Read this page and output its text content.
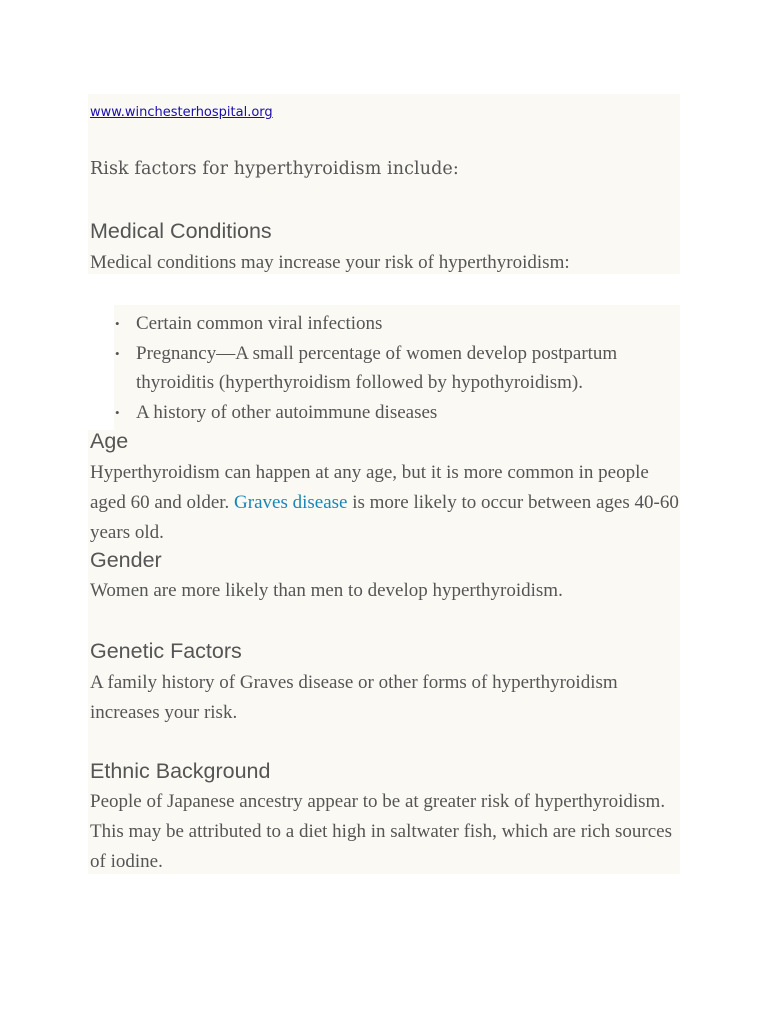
www.winchesterhospital.org
Risk factors for hyperthyroidism include:
Medical Conditions
Medical conditions may increase your risk of hyperthyroidism:
• Certain common viral infections
• Pregnancy—A small percentage of women develop postpartum thyroiditis (hyperthyroidism followed by hypothyroidism).
• A history of other autoimmune diseases
Age
Hyperthyroidism can happen at any age, but it is more common in people aged 60 and older. Graves disease is more likely to occur between ages 40-60 years old.
Gender
Women are more likely than men to develop hyperthyroidism.
Genetic Factors
A family history of Graves disease or other forms of hyperthyroidism increases your risk.
Ethnic Background
People of Japanese ancestry appear to be at greater risk of hyperthyroidism. This may be attributed to a diet high in saltwater fish, which are rich sources of iodine.
